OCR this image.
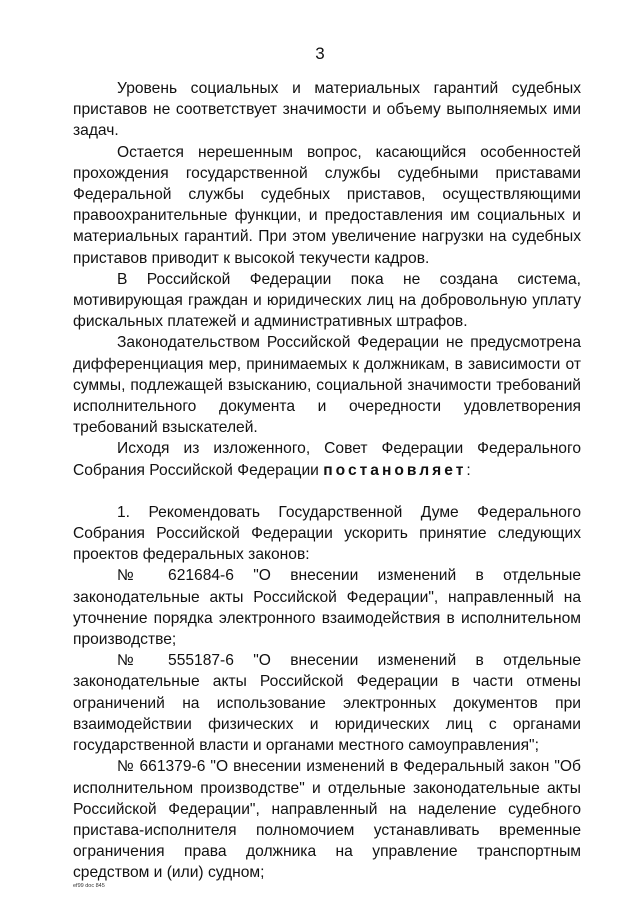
3

Уровень социальных и материальных гарантий судебных приставов не соответствует значимости и объему выполняемых ими задач.

Остается нерешенным вопрос, касающийся особенностей прохождения государственной службы судебными приставами Федеральной службы судебных приставов, осуществляющими правоохранительные функции, и предоставления им социальных и материальных гарантий. При этом увеличение нагрузки на судебных приставов приводит к высокой текучести кадров.

В Российской Федерации пока не создана система, мотивирующая граждан и юридических лиц на добровольную уплату фискальных платежей и административных штрафов.

Законодательством Российской Федерации не предусмотрена дифференциация мер, принимаемых к должникам, в зависимости от суммы, подлежащей взысканию, социальной значимости требований исполнительного документа и очередности удовлетворения требований взыскателей.

Исходя из изложенного, Совет Федерации Федерального Собрания Российской Федерации постановляет:

1. Рекомендовать Государственной Думе Федерального Собрания Российской Федерации ускорить принятие следующих проектов федеральных законов:

№ 621684-6 "О внесении изменений в отдельные законодательные акты Российской Федерации", направленный на уточнение порядка электронного взаимодействия в исполнительном производстве;

№ 555187-6 "О внесении изменений в отдельные законодательные акты Российской Федерации в части отмены ограничений на использование электронных документов при взаимодействии физических и юридических лиц с органами государственной власти и органами местного самоуправления";

№ 661379-6 "О внесении изменений в Федеральный закон "Об исполнительном производстве" и отдельные законодательные акты Российской Федерации", направленный на наделение судебного пристава-исполнителя полномочием устанавливать временные ограничения права должника на управление транспортным средством и (или) судном;

ef99 doc 845
